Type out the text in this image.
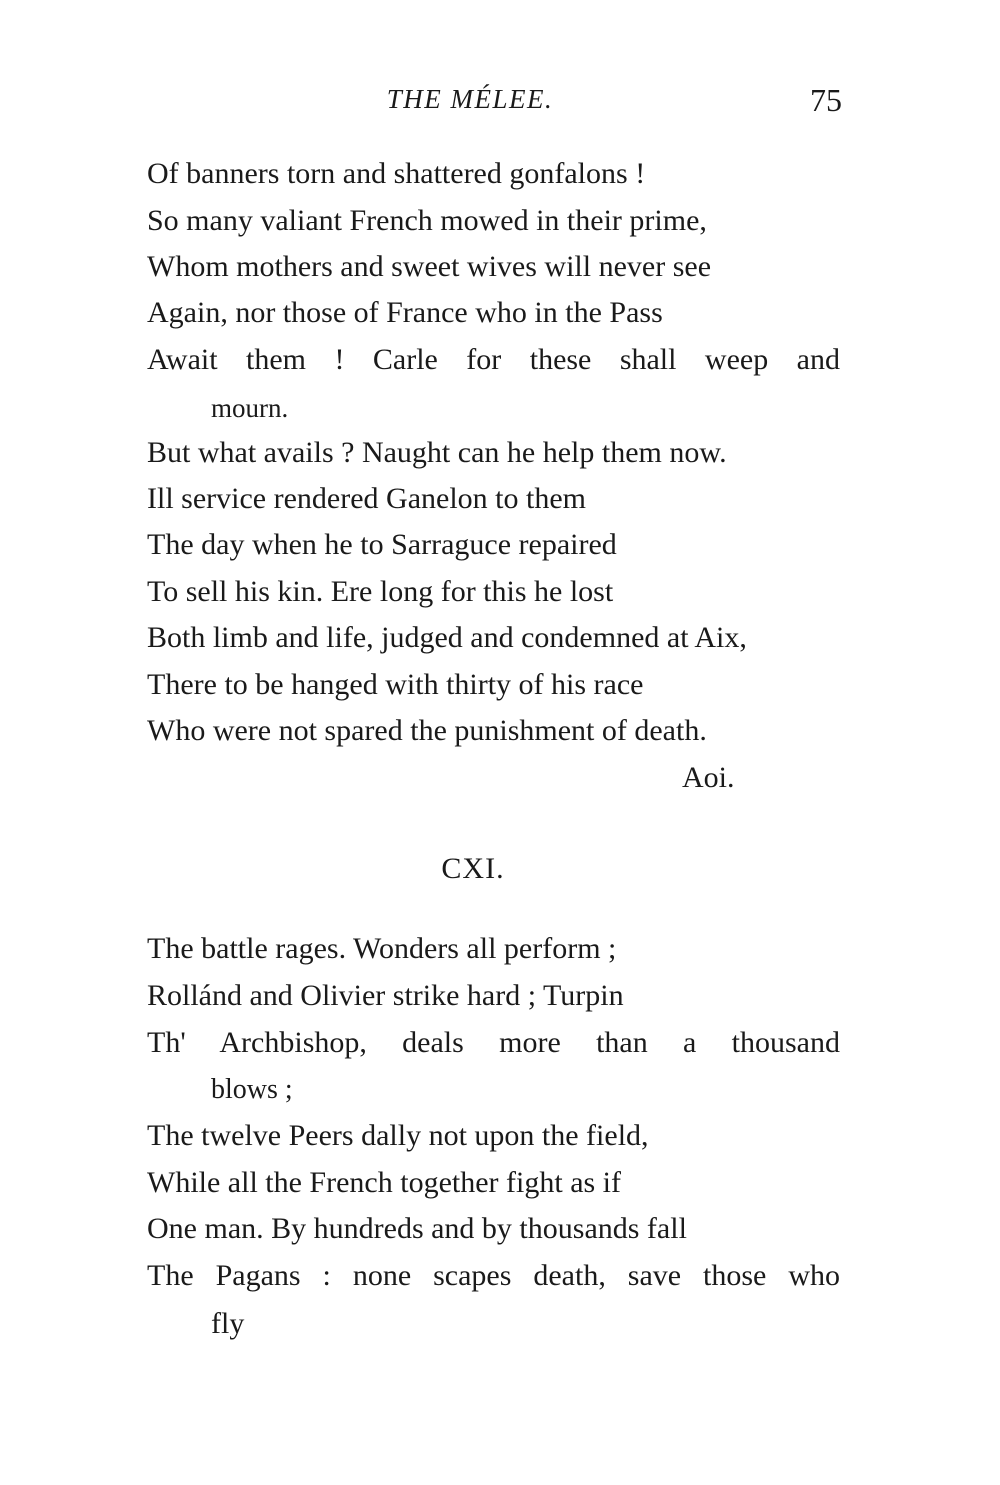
THE MÉLEE.	75
Of banners torn and shattered gonfalons !
So many valiant French mowed in their prime,
Whom mothers and sweet wives will never see
Again, nor those of France who in the Pass
Await them ! Carle for these shall weep and
mourn.
But what avails ? Naught can he help them now.
Ill service rendered Ganelon to them
The day when he to Sarraguce repaired
To sell his kin. Ere long for this he lost
Both limb and life, judged and condemned at Aix,
There to be hanged with thirty of his race
Who were not spared the punishment of death.
Aoi.
CXI.
The battle rages. Wonders all perform ;
Rollánd and Olivier strike hard ; Turpin
Th' Archbishop, deals more than a thousand
blows ;
The twelve Peers dally not upon the field,
While all the French together fight as if
One man. By hundreds and by thousands fall
The Pagans : none scapes death, save those who
fly
